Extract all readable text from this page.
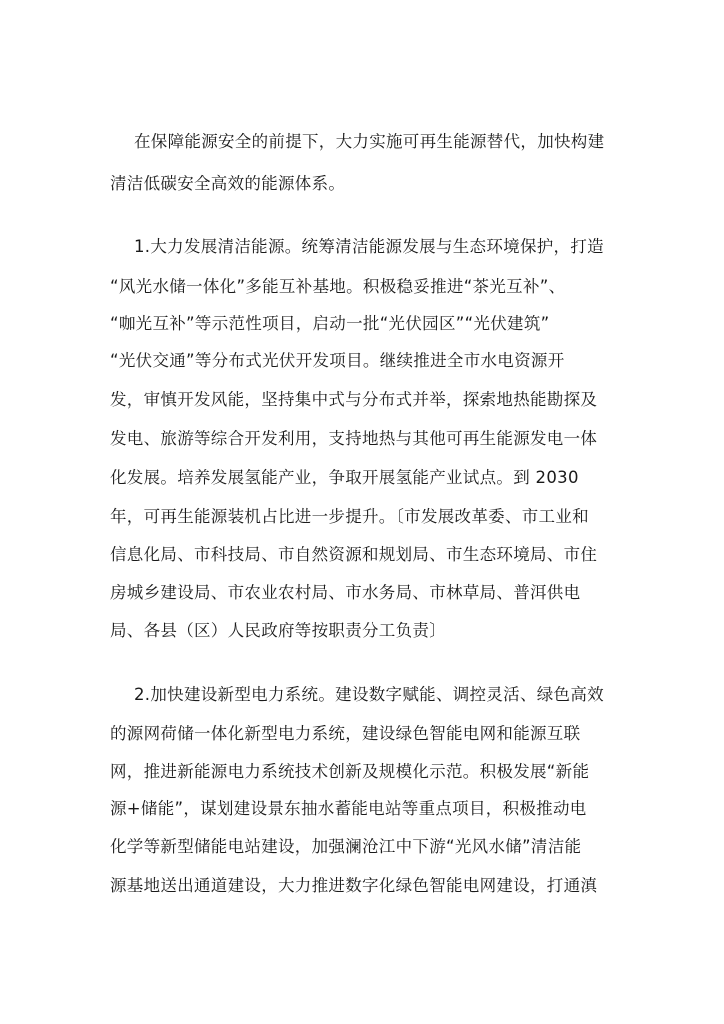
在保障能源安全的前提下，大力实施可再生能源替代，加快构建
清洁低碳安全高效的能源体系。
1.大力发展清洁能源。统筹清洁能源发展与生态环境保护，打造
“风光水储一体化”多能互补基地。积极稳妥推进“茶光互补”、
“咖光互补”等示范性项目，启动一批“光伏园区”“光伏建筑”
“光伏交通”等分布式光伏开发项目。继续推进全市水电资源开
发，审慎开发风能，坚持集中式与分布式并举，探索地热能勘探及
发电、旅游等综合开发利用，支持地热与其他可再生能源发电一体
化发展。培养发展氢能产业，争取开展氢能产业试点。到 2030
年，可再生能源装机占比进一步提升。〔市发展改革委、市工业和
信息化局、市科技局、市自然资源和规划局、市生态环境局、市住
房城乡建设局、市农业农村局、市水务局、市林草局、普洱供电
局、各县（区）人民政府等按职责分工负责〕
2.加快建设新型电力系统。建设数字赋能、调控灵活、绿色高效
的源网荷储一体化新型电力系统，建设绿色智能电网和能源互联
网，推进新能源电力系统技术创新及规模化示范。积极发展“新能
源+储能”，谋划建设景东抽水蓄能电站等重点项目，积极推动电
化学等新型储能电站建设，加强澜沧江中下游“光风水储”清洁能
源基地送出通道建设，大力推进数字化绿色智能电网建设，打通滇
